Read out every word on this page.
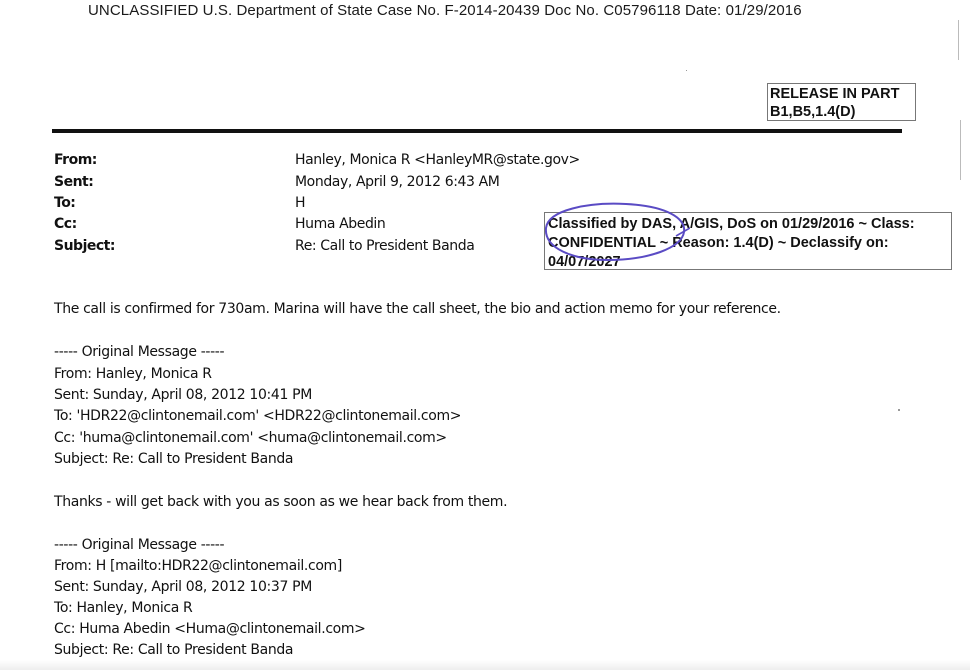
UNCLASSIFIED U.S. Department of State Case No. F-2014-20439 Doc No. C05796118 Date: 01/29/2016
RELEASE IN PART
B1,B5,1.4(D)
From:	Hanley, Monica R <HanleyMR@state.gov>
Sent:	Monday, April 9, 2012 6:43 AM
To:	H
Cc:	Huma Abedin
Subject:	Re: Call to President Banda
Classified by DAS, A/GIS, DoS on 01/29/2016 ~ Class:
CONFIDENTIAL ~ Reason: 1.4(D) ~ Declassify on:
04/07/2027
The call is confirmed for 730am. Marina will have the call sheet, the bio and action memo for your reference.
----- Original Message -----
From: Hanley, Monica R
Sent: Sunday, April 08, 2012 10:41 PM
To: 'HDR22@clintonemail.com' <HDR22@clintonemail.com>
Cc: 'huma@clintonemail.com' <huma@clintonemail.com>
Subject: Re: Call to President Banda
Thanks - will get back with you as soon as we hear back from them.
----- Original Message -----
From: H [mailto:HDR22@clintonemail.com]
Sent: Sunday, April 08, 2012 10:37 PM
To: Hanley, Monica R
Cc: Huma Abedin <Huma@clintonemail.com>
Subject: Re: Call to President Banda
